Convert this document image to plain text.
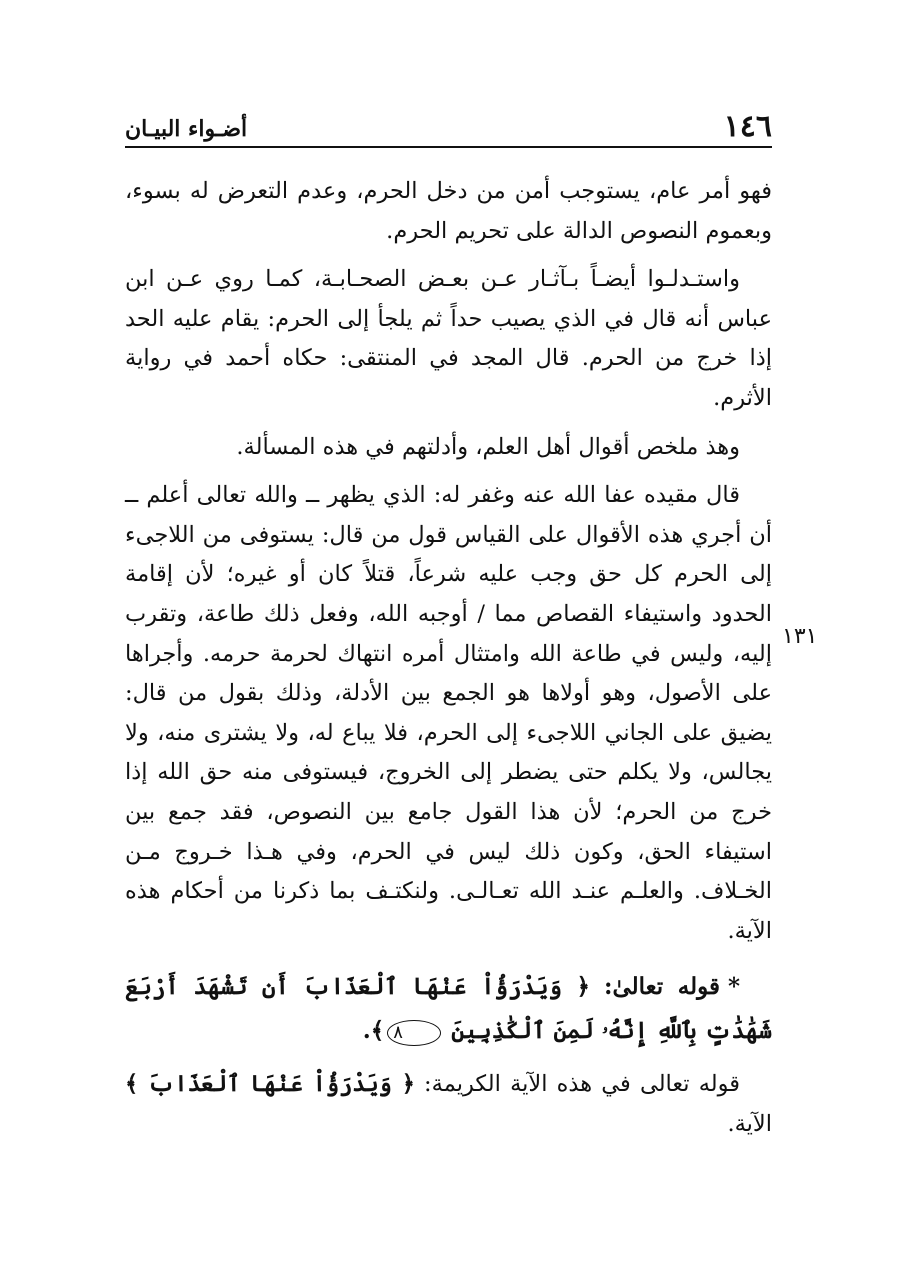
١٤٦
أضـواء البيـان
١٣١

فهو أمر عام، يستوجب أمن من دخل الحرم، وعدم التعرض له بسوء، وبعموم النصوص الدالة على تحريم الحرم.

واستـدلـوا أيضـاً بـآثـار عـن بعـض الصحـابـة، كمـا روي عـن ابن عباس أنه قال في الذي يصيب حداً ثم يلجأ إلى الحرم: يقام عليه الحد إذا خرج من الحرم. قال المجد في المنتقى: حكاه أحمد في رواية الأثرم.

وهذ ملخص أقوال أهل العلم، وأدلتهم في هذه المسألة.

قال مقيده عفا الله عنه وغفر له: الذي يظهر ــ والله تعالى أعلم ــ أن أجري هذه الأقوال على القياس قول من قال: يستوفى من اللاجىء إلى الحرم كل حق وجب عليه شرعاً، قتلاً كان أو غيره؛ لأن إقامة الحدود واستيفاء القصاص مما / أوجبه الله، وفعل ذلك طاعة، وتقرب إليه، وليس في طاعة الله وامتثال أمره انتهاك لحرمة حرمه. وأجراها على الأصول، وهو أولاها هو الجمع بين الأدلة، وذلك بقول من قال: يضيق على الجاني اللاجىء إلى الحرم، فلا يباع له، ولا يشترى منه، ولا يجالس، ولا يكلم حتى يضطر إلى الخروج، فيستوفى منه حق الله إذا خرج من الحرم؛ لأن هذا القول جامع بين النصوص، فقد جمع بين استيفاء الحق، وكون ذلك ليس في الحرم، وفي هـذا خـروج مـن الخـلاف. والعلـم عنـد الله تعـالـى. ولنكتـف بما ذكرنا من أحكام هذه الآية.

*قوله تعالىٰ: ﴿ وَيَدْرَؤُاْ عَنْهَا ٱلْعَذَابَ أَن تَشْهَدَ أَرْبَعَ شَهَٰدَٰتٍ بِٱللَّهِ إِنَّهُۥ لَمِنَ ٱلْكَٰذِبِينَ ٨﴾.

قوله تعالى في هذه الآية الكريمة: ﴿ وَيَدْرَؤُاْ عَنْهَا ٱلْعَذَابَ ﴾ الآية.
